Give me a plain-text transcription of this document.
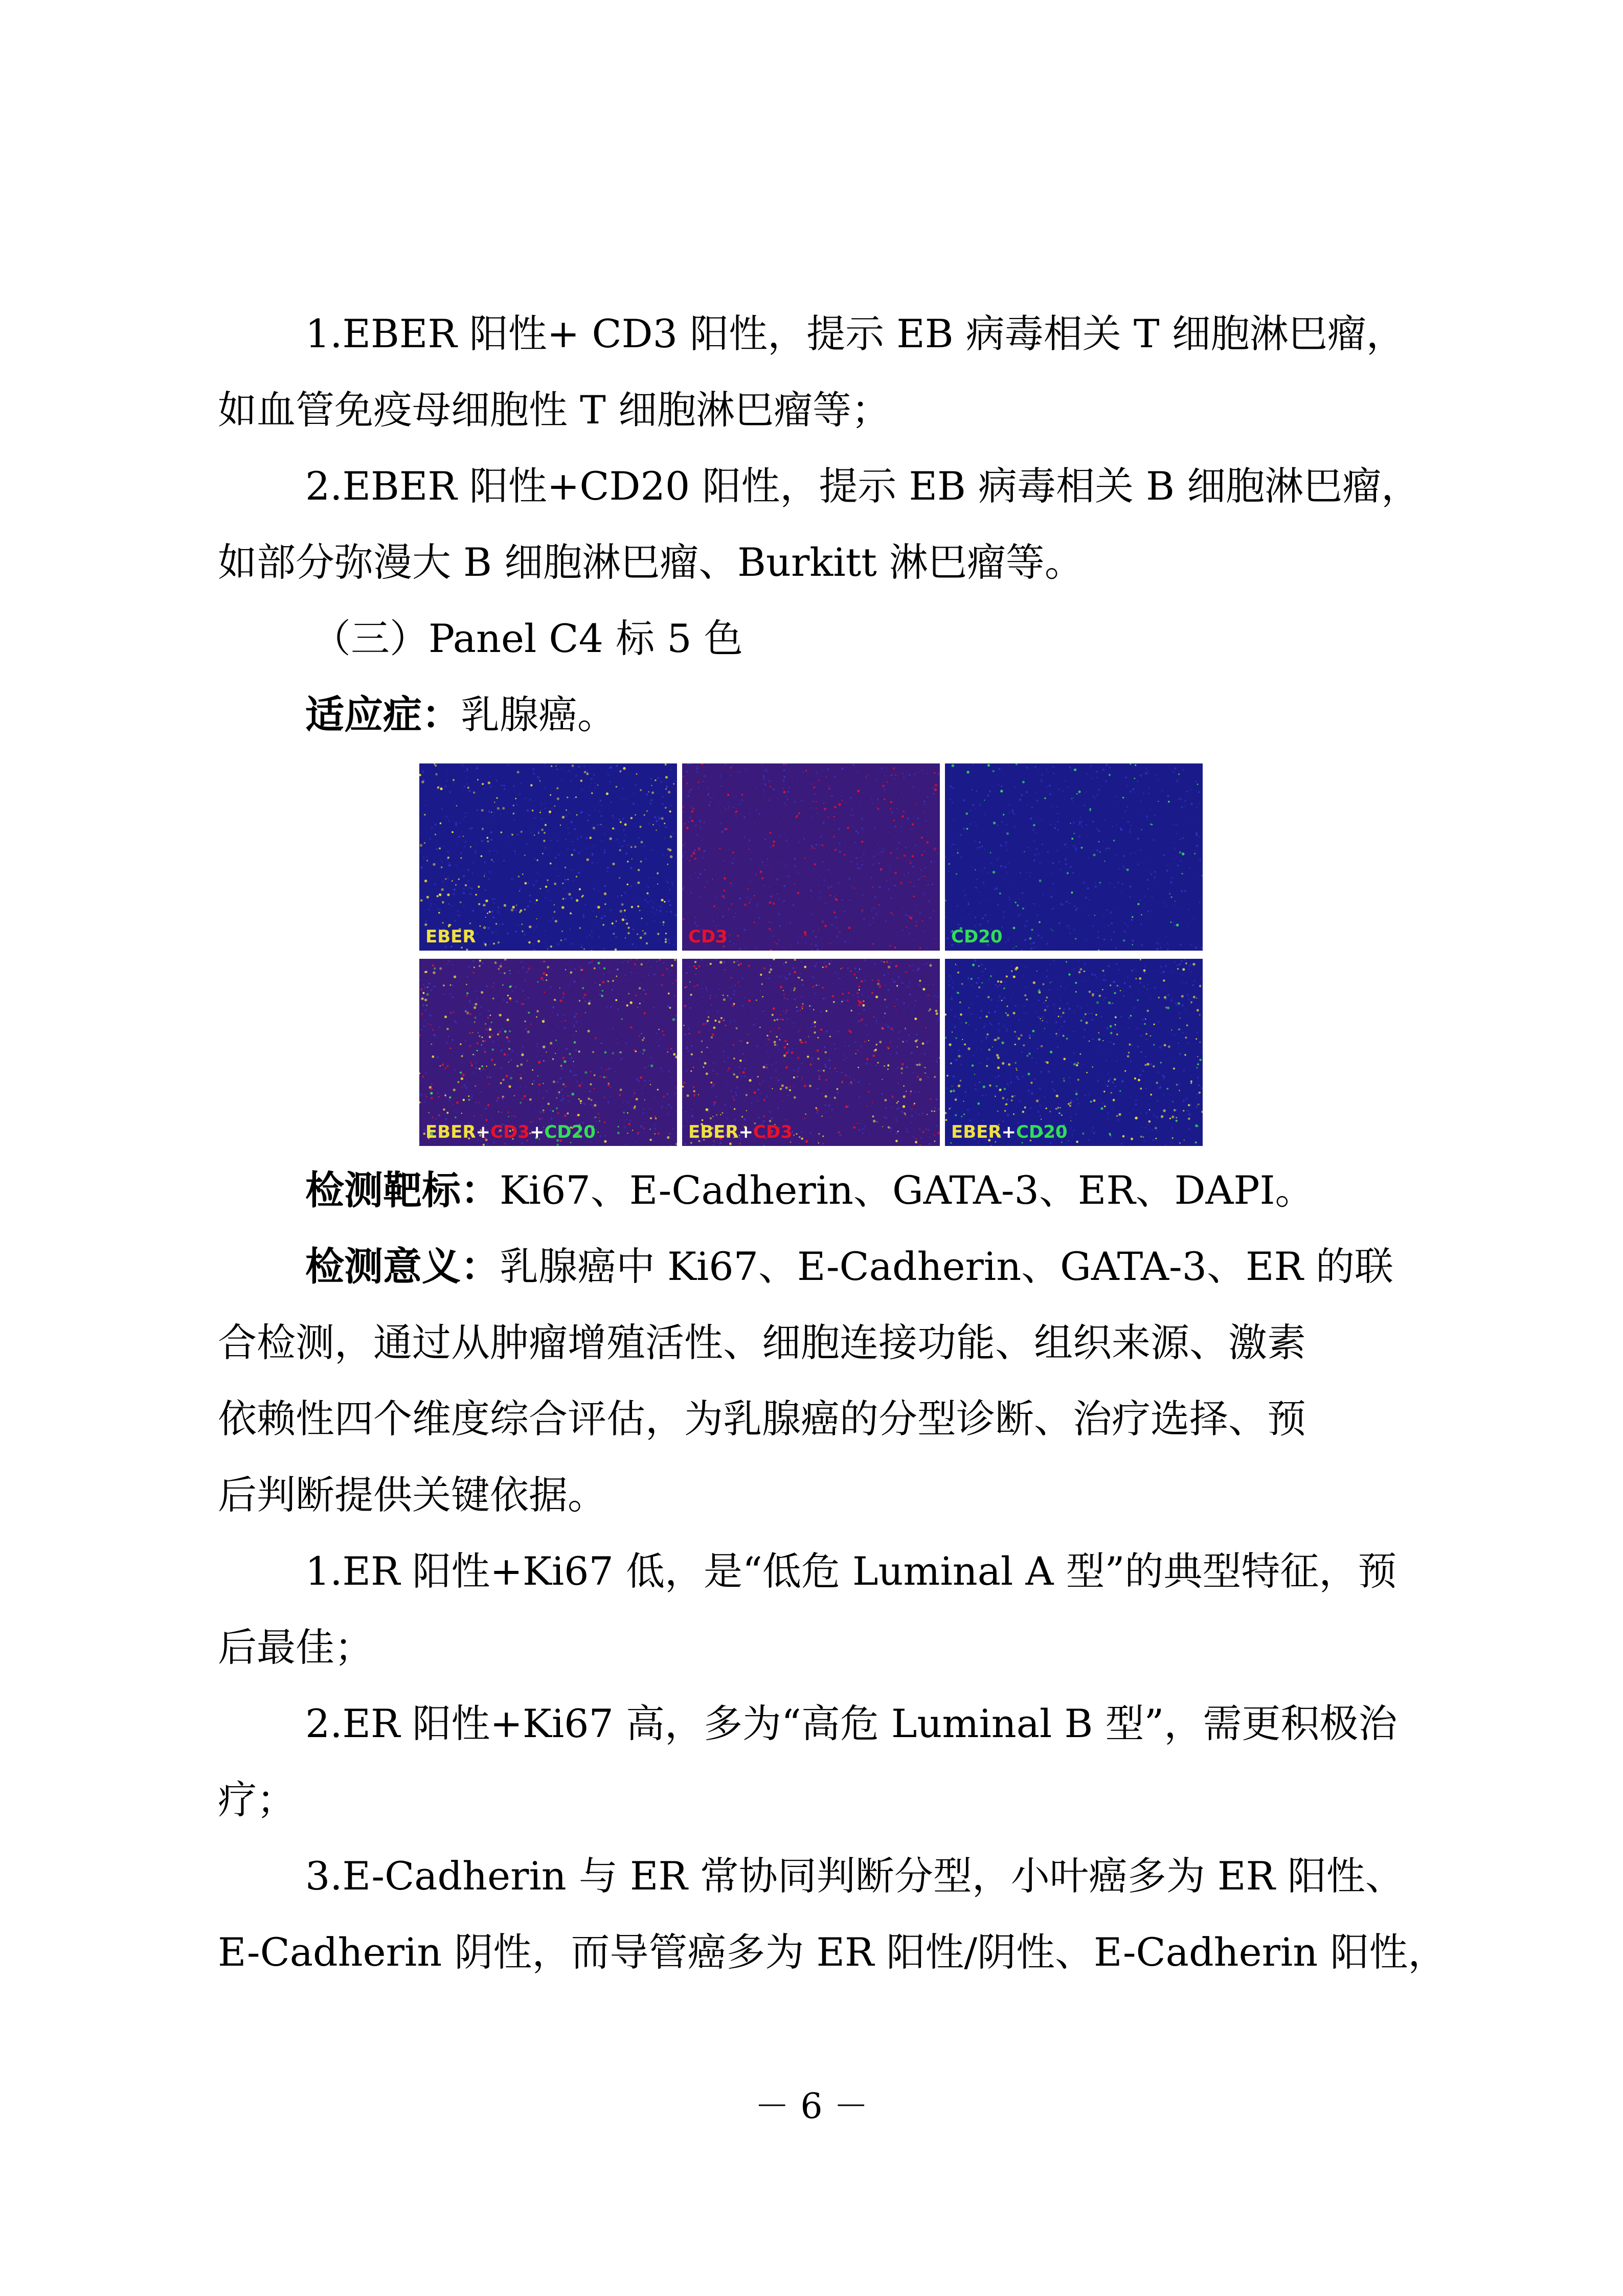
1.EBER 阳性+ CD3 阳性，提示 EB 病毒相关 T 细胞淋巴瘤，
如血管免疫母细胞性 T 细胞淋巴瘤等；
2.EBER 阳性+CD20 阳性，提示 EB 病毒相关 B 细胞淋巴瘤，
如部分弥漫大 B 细胞淋巴瘤、Burkitt 淋巴瘤等。
（三）Panel C4 标 5 色
适应症：乳腺癌。
EBER	CD3	CD20
EBER+CD3+CD20	EBER+CD3	EBER+CD20
检测靶标：Ki67、E-Cadherin、GATA-3、ER、DAPI。
检测意义：乳腺癌中 Ki67、E-Cadherin、GATA-3、ER 的联
合检测，通过从肿瘤增殖活性、细胞连接功能、组织来源、激素
依赖性四个维度综合评估，为乳腺癌的分型诊断、治疗选择、预
后判断提供关键依据。
1.ER 阳性+Ki67 低，是“低危 Luminal A 型”的典型特征，预
后最佳；
2.ER 阳性+Ki67 高，多为“高危 Luminal B 型”，需更积极治
疗；
3.E-Cadherin 与 ER 常协同判断分型，小叶癌多为 ER 阳性、
E-Cadherin 阴性，而导管癌多为 ER 阳性/阴性、E-Cadherin 阳性，
－ 6 －
